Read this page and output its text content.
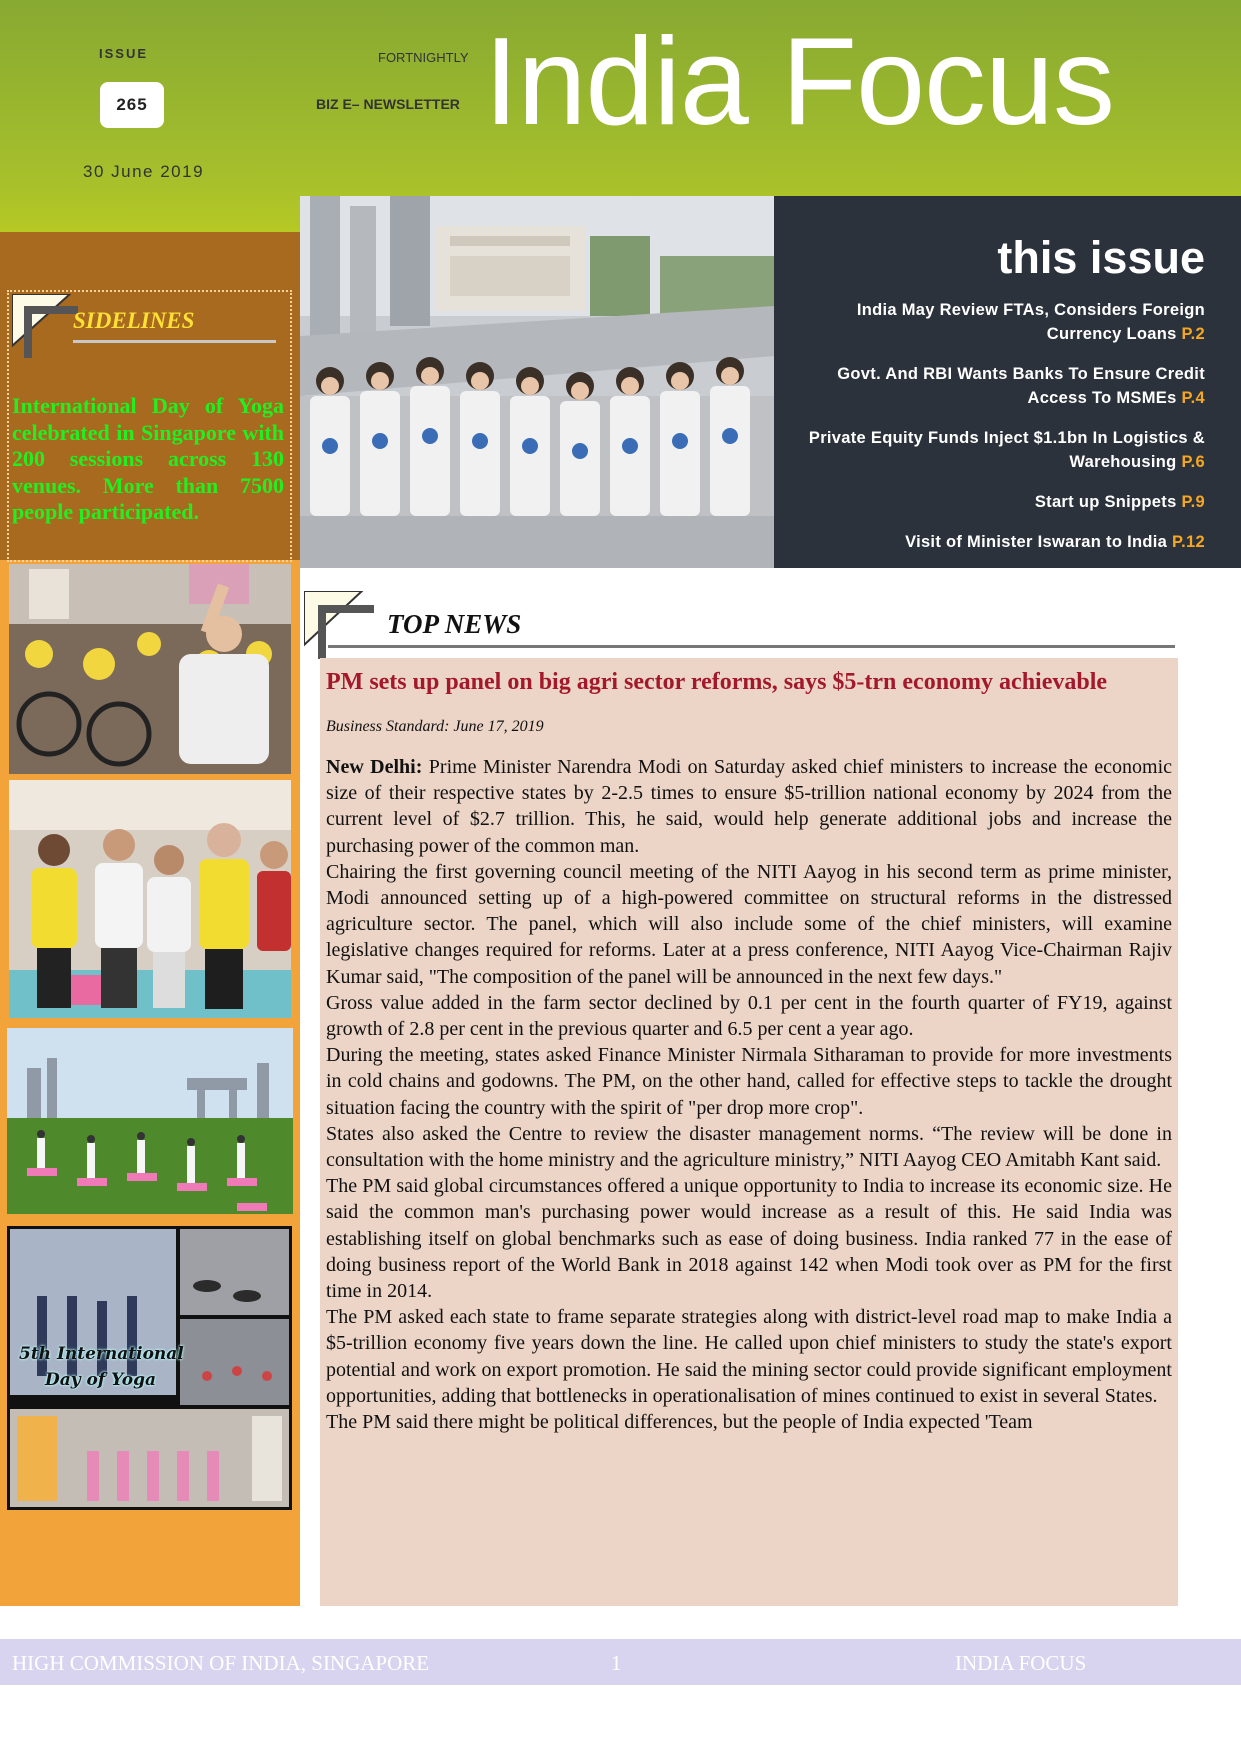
ISSUE
265
30 June 2019
FORTNIGHTLY
BIZ E– NEWSLETTER India Focus
this issue
India May Review FTAs, Considers Foreign Currency Loans P.2
Govt. And RBI Wants Banks To Ensure Credit Access To MSMEs P.4
Private Equity Funds Inject $1.1bn In Logistics & Warehousing P.6
Start up Snippets P.9
Visit of Minister Iswaran to India P.12
SIDELINES
International Day of Yoga celebrated in Singapore with 200 sessions across 130 venues. More than 7500 people participated.
5th International
Day of Yoga
TOP NEWS
PM sets up panel on big agri sector reforms, says $5-trn economy achievable
Business Standard: June 17, 2019

New Delhi: Prime Minister Narendra Modi on Saturday asked chief ministers to increase the economic size of their respective states by 2-2.5 times to ensure $5-trillion national economy by 2024 from the current level of $2.7 trillion. This, he said, would help generate additional jobs and increase the purchasing power of the common man.

Chairing the first governing council meeting of the NITI Aayog in his second term as prime minister, Modi announced setting up of a high-powered committee on structural reforms in the distressed agriculture sector. The panel, which will also include some of the chief ministers, will examine legislative changes required for reforms. Later at a press conference, NITI Aayog Vice-Chairman Rajiv Kumar said, "The composition of the panel will be announced in the next few days."

Gross value added in the farm sector declined by 0.1 per cent in the fourth quarter of FY19, against growth of 2.8 per cent in the previous quarter and 6.5 per cent a year ago.

During the meeting, states asked Finance Minister Nirmala Sitharaman to provide for more investments in cold chains and godowns. The PM, on the other hand, called for effective steps to tackle the drought situation facing the country with the spirit of "per drop more crop".

States also asked the Centre to review the disaster management norms. “The review will be done in consultation with the home ministry and the agriculture ministry,” NITI Aayog CEO Amitabh Kant said.

The PM said global circumstances offered a unique opportunity to India to increase its economic size. He said the common man's purchasing power would increase as a result of this. He said India was establishing itself on global benchmarks such as ease of doing business. India ranked 77 in the ease of doing business report of the World Bank in 2018 against 142 when Modi took over as PM for the first time in 2014.

The PM asked each state to frame separate strategies along with district-level road map to make India a $5-trillion economy five years down the line. He called upon chief ministers to study the state's export potential and work on export promotion. He said the mining sector could provide significant employment opportunities, adding that bottlenecks in operationalisation of mines continued to exist in several States.

The PM said there might be political differences, but the people of India expected 'Team

HIGH COMMISSION OF INDIA, SINGAPORE	1	INDIA FOCUS
